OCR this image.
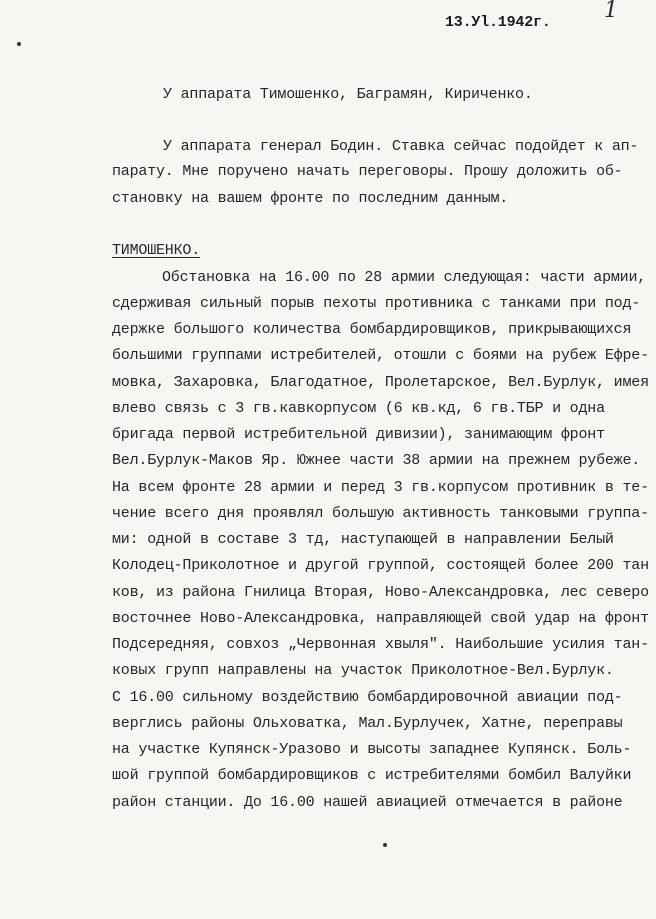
13.Уl.1942г. 1
У аппарата Тимошенко, Баграмян, Кириченко.
У аппарата генерал Бодин. Ставка сейчас подойдет к ап-
парату. Мне поручено начать переговоры. Прошу доложить об-
становку на вашем фронте по последним данным.
ТИМОШЕНКО.
Обстановка на 16.00 по 28 армии следующая: части армии,
сдерживая сильный порыв пехоты противника с танками при под-
держке большого количества бомбардировщиков, прикрывающихся
большими группами истребителей, отошли с боями на рубеж Ефре-
мовка, Захаровка, Благодатное, Пролетарское, Вел.Бурлук, имея
влево связь с 3 гв.кавкорпусом (6 кв.кд, 6 гв.ТБР и одна
бригада первой истребительной дивизии), занимающим фронт
Вел.Бурлук-Маков Яр. Южнее части 38 армии на прежнем рубеже.
На всем фронте 28 армии и перед 3 гв.корпусом противник в те-
чение всего дня проявлял большую активность танковыми группа-
ми: одной в составе 3 тд, наступающей в направлении Белый
Колодец-Приколотное и другой группой, состоящей более 200 тан
ков, из района Гнилица Вторая, Ново-Александровка, лес северо
восточнее Ново-Александровка, направляющей свой удар на фронт
Подсередняя, совхоз „Червонная хвыля". Наибольшие усилия тан-
ковых групп направлены на участок Приколотное-Вел.Бурлук.
С 16.00 сильному воздействию бомбардировочной авиации под-
верглись районы Ольховатка, Мал.Бурлучек, Хатне, переправы
на участке Купянск-Уразово и высоты западнее Купянск. Боль-
шой группой бомбардировщиков с истребителями бомбил Валуйки
район станции. До 16.00 нашей авиацией отмечается в районе
